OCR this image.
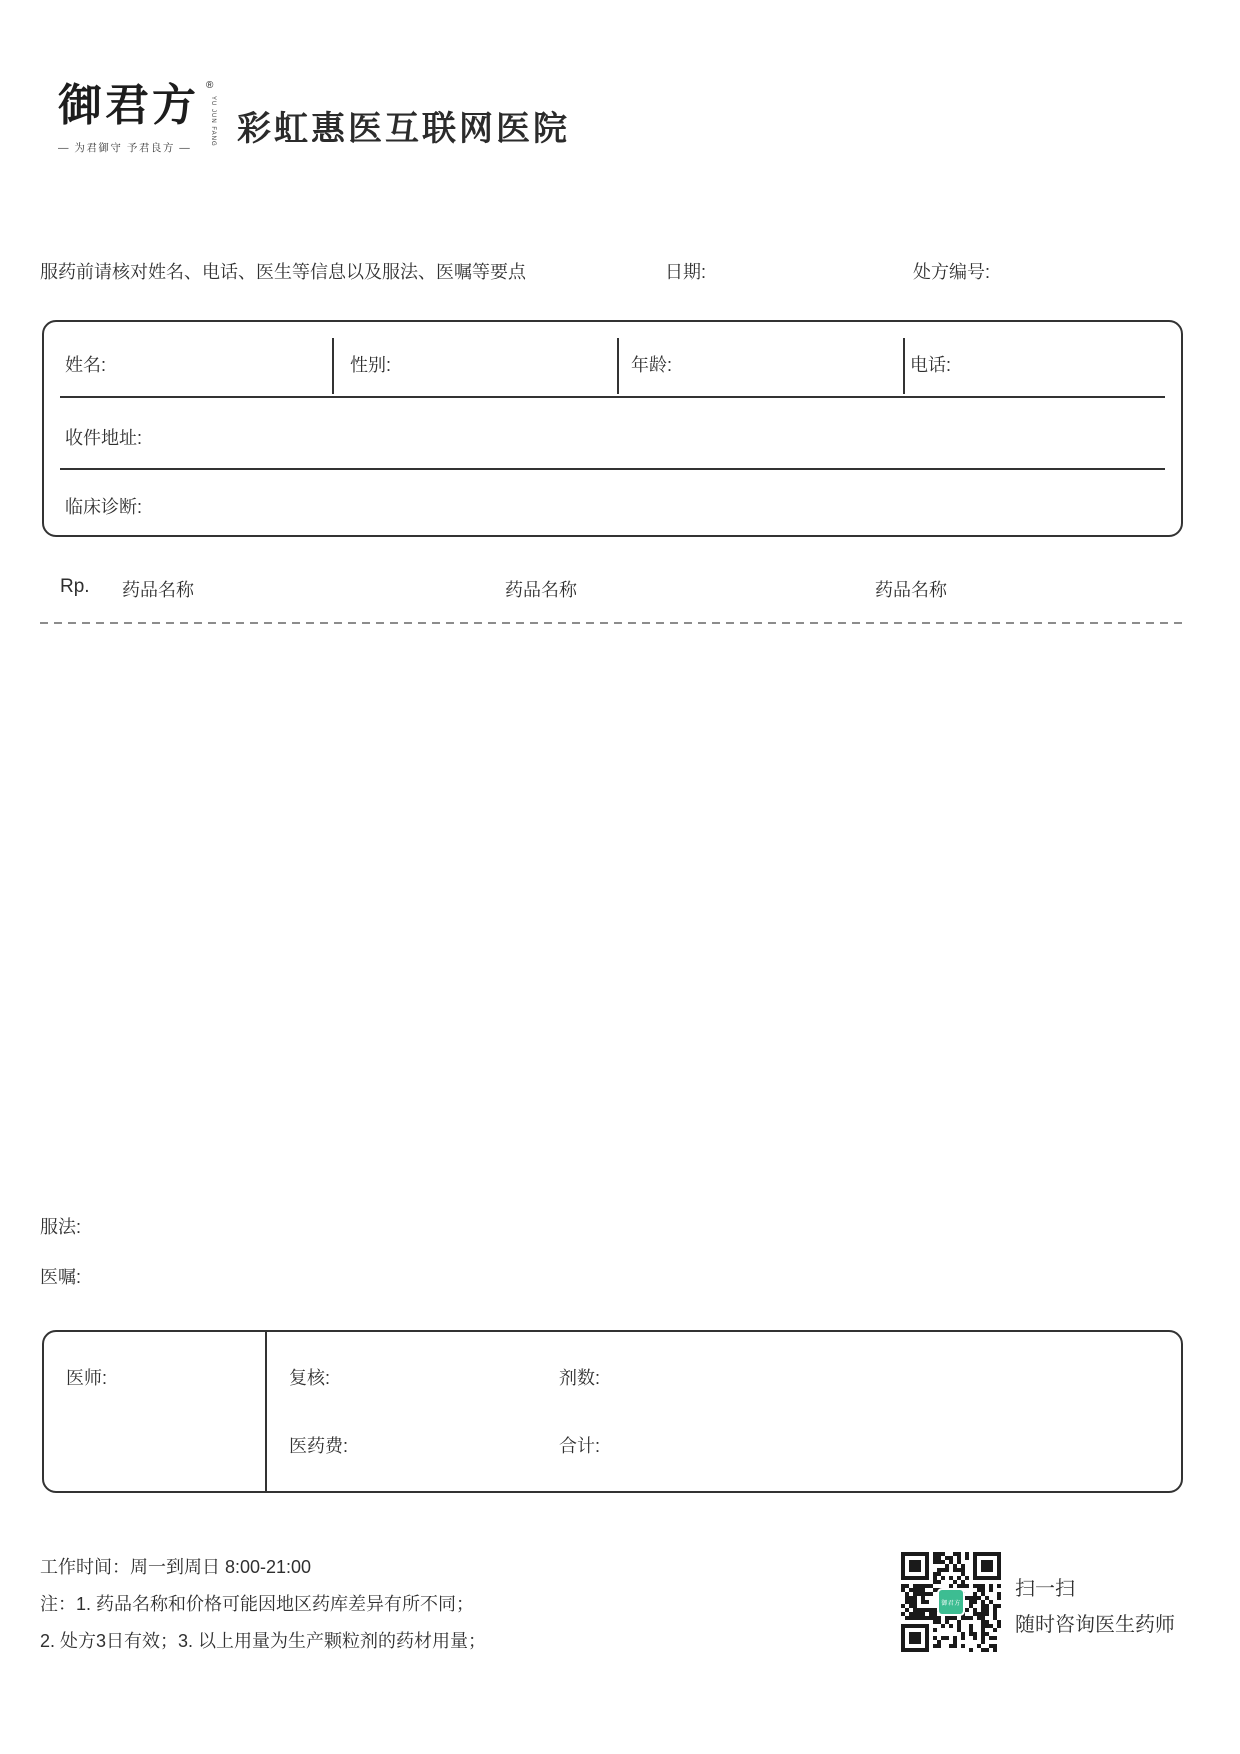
御君方 ®
YU JUN FANG
— 为君御守 予君良方 —	彩虹惠医互联网医院
服药前请核对姓名、电话、医生等信息以及服法、医嘱等要点	日期:	处方编号:
姓名:	性别:	年龄:	电话:
收件地址:
临床诊断:
Rp. 药品名称	药品名称	药品名称
服法:
医嘱:
医师:	复核:	剂数:
医药费:	合计:
工作时间：周一到周日 8:00-21:00
注：1. 药品名称和价格可能因地区药库差异有所不同；
2. 处方3日有效；3. 以上用量为生产颗粒剂的药材用量；
御君方
扫一扫
随时咨询医生药师
